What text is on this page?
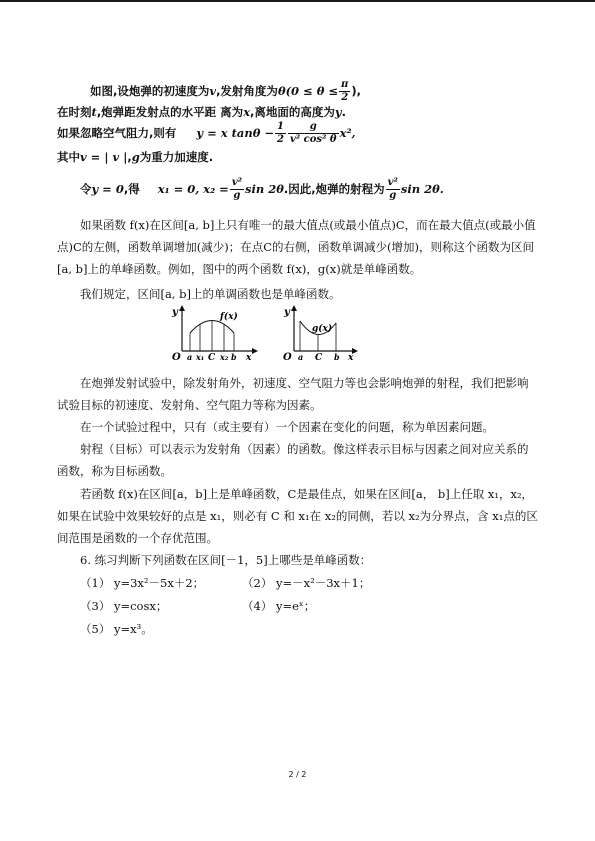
如图,设炮弹的初速度为v,发射角度为$\theta(0 \le \theta \le \frac{\pi}{2}$ ),
在时刻t,炮弹距发射点的水平距 离为x,离地面的高度为y.
如果忽略空气阻力,则有 y = x $\tan\theta - \frac{1}{2} \frac{g}{\text{v² cos² θ}} x^2$,
其中v = | v |,g为重力加速度.
令y = 0,得 x₁ = 0, $x_2 = \frac{\text{v²}}{g}$ sin 2θ.因此,炮弹的射程为 $\frac{\text{v²}}{g}$ sin 2θ.
如果函数 f(x)在区间[a, b]上只有唯一的最大值点(或最小值点)C，而在最大值点(或最小值点)C的左侧，函数单调增加(减少)；在点C的右侧，函数单调减少(增加)，则称这个函数为区间[a, b]上的单峰函数。例如，图中的两个函数 f(x)，g(x)就是单峰函数。
我们规定，区间[a, b]上的单调函数也是单峰函数。
y	f(x)
O a x₁ C x₂ b x
y
g(x)
O a C b x
在炮弹发射试验中，除发射角外，初速度、空气阻力等也会影响炮弹的射程，我们把影响试验目标的初速度、发射角、空气阻力等称为因素。
在一个试验过程中，只有（或主要有）一个因素在变化的问题，称为单因素问题。
射程（目标）可以表示为发射角（因素）的函数。像这样表示目标与因素之间对应关系的函数，称为目标函数。
若函数 f(x)在区间[a，b]上是单峰函数，C是最佳点，如果在区间[a， b]上任取 x₁，x₂，如果在试验中效果较好的点是 x₁，则必有 C 和 x₁在 x₂的同侧，若以 x₂为分界点，含 x₁点的区间范围是函数的一个存优范围。
6. 练习判断下列函数在区间[－1，5]上哪些是单峰函数：
（1） y=3x²－5x＋2；	（2） y=－x²－3x＋1；
（3） y=cosx；	（4） y=eˣ；
（5） y=x³。
2 / 2
